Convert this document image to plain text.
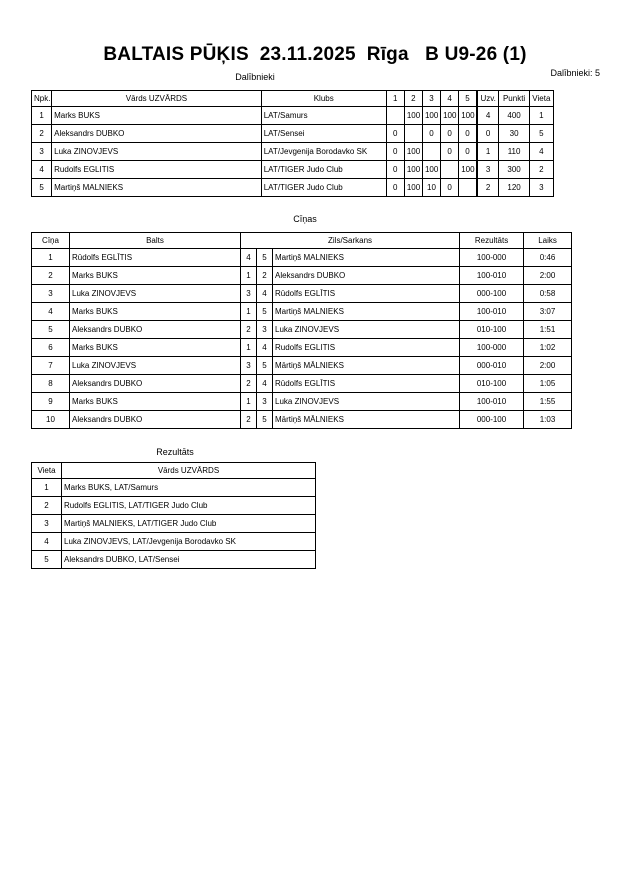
BALTAIS PŪĶIS  23.11.2025  Rīga   B U9-26 (1)
Dalībnieki: 5
Dalībnieki
Npk.	Vārds UZVĀRDS	Klubs	1	2	3	4	5	Uzv.	Punkti	Vieta
1	Marks BUKS	LAT/Samurs		100	100	100	100	4	400	1
2	Aleksandrs DUBKO	LAT/Sensei	0		0	0	0	0	30	5
3	Luka ZINOVJEVS	LAT/Jevgenija Borodavko SK	0	100		0	0	1	110	4
4	Rudolfs EGLITIS	LAT/TIGER Judo Club	0	100	100		100	3	300	2
5	Martiņš MALNIEKS	LAT/TIGER Judo Club	0	100	10	0		2	120	3
Cīņas
Cīņa	Balts	Zils/Sarkans			Rezultāts	Laiks
1	Rūdolfs EGLĪTIS	4	5	Martiņš MALNIEKS	100-000	0:46
2	Marks BUKS	1	2	Aleksandrs DUBKO	100-010	2:00
3	Luka ZINOVJEVS	3	4	Rūdolfs EGLĪTIS	000-100	0:58
4	Marks BUKS	1	5	Martiņš MALNIEKS	100-010	3:07
5	Aleksandrs DUBKO	2	3	Luka ZINOVJEVS	010-100	1:51
6	Marks BUKS	1	4	Rudolfs EGLITIS	100-000	1:02
7	Luka ZINOVJEVS	3	5	Mārtiņš MĀLNIEKS	000-010	2:00
8	Aleksandrs DUBKO	2	4	Rūdolfs EGLĪTIS	010-100	1:05
9	Marks BUKS	1	3	Luka ZINOVJEVS	100-010	1:55
10	Aleksandrs DUBKO	2	5	Mārtiņš MĀLNIEKS	000-100	1:03
Rezultāts
Vieta	Vārds UZVĀRDS
1	Marks BUKS, LAT/Samurs
2	Rudolfs EGLITIS, LAT/TIGER Judo Club
3	Martiņš MALNIEKS, LAT/TIGER Judo Club
4	Luka ZINOVJEVS, LAT/Jevgenija Borodavko SK
5	Aleksandrs DUBKO, LAT/Sensei
